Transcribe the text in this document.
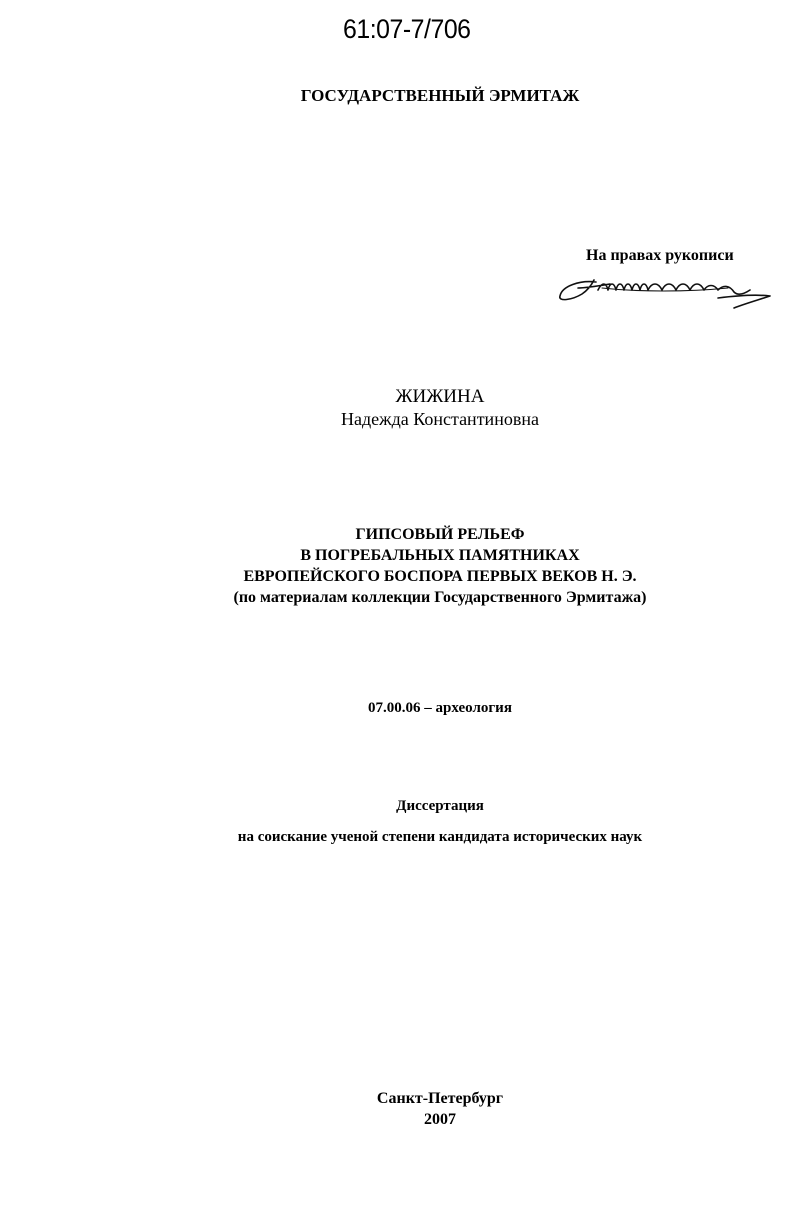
61:07-7/706
ГОСУДАРСТВЕННЫЙ ЭРМИТАЖ
На правах рукописи
ЖИЖИНА
Надежда Константиновна
ГИПСОВЫЙ РЕЛЬЕФ
В ПОГРЕБАЛЬНЫХ ПАМЯТНИКАХ
ЕВРОПЕЙСКОГО БОСПОРА ПЕРВЫХ ВЕКОВ Н. Э.
(по материалам коллекции Государственного Эрмитажа)
07.00.06 – археология
Диссертация
на соискание ученой степени кандидата исторических наук
Санкт-Петербург
2007
